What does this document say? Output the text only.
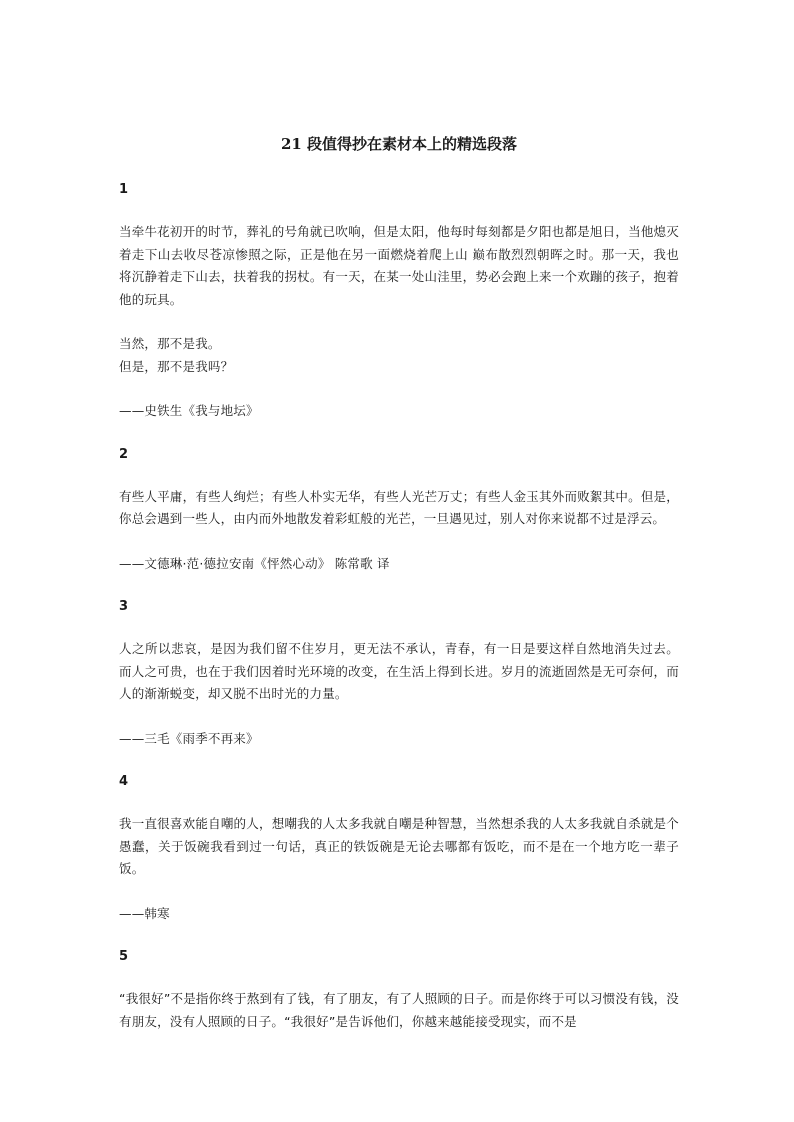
21 段值得抄在素材本上的精选段落
1
当牵牛花初开的时节，葬礼的号角就已吹响，但是太阳，他每时每刻都是夕阳也都是旭日，当他熄灭着走下山去收尽苍凉惨照之际，正是他在另一面燃烧着爬上山 巅布散烈烈朝晖之时。那一天，我也将沉静着走下山去，扶着我的拐杖。有一天，在某一处山洼里，势必会跑上来一个欢蹦的孩子，抱着他的玩具。
当然，那不是我。
但是，那不是我吗？
——史铁生《我与地坛》
2
有些人平庸，有些人绚烂；有些人朴实无华，有些人光芒万丈；有些人金玉其外而败絮其中。但是，你总会遇到一些人，由内而外地散发着彩虹般的光芒，一旦遇见过，别人对你来说都不过是浮云。
——文德琳·范·德拉安南《怦然心动》 陈常歌 译
3
人之所以悲哀，是因为我们留不住岁月，更无法不承认，青春，有一日是要这样自然地消失过去。 而人之可贵，也在于我们因着时光环境的改变，在生活上得到长进。岁月的流逝固然是无可奈何，而人的渐渐蜕变，却又脱不出时光的力量。
——三毛《雨季不再来》
4
我一直很喜欢能自嘲的人，想嘲我的人太多我就自嘲是种智慧，当然想杀我的人太多我就自杀就是个愚蠢，关于饭碗我看到过一句话，真正的铁饭碗是无论去哪都有饭吃，而不是在一个地方吃一辈子饭。
——韩寒
5
“我很好”不是指你终于熬到有了钱，有了朋友，有了人照顾的日子。而是你终于可以习惯没有钱，没有朋友，没有人照顾的日子。“我很好”是告诉他们，你越来越能接受现实，而不是
